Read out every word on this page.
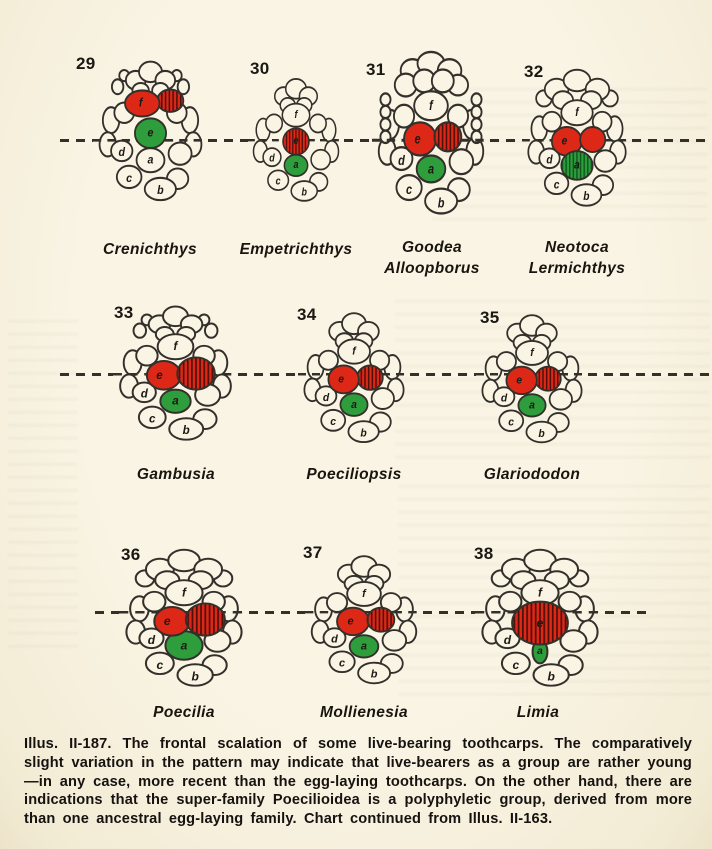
29	30	31	32
33	34	35
36	37	38
d
c
b
a
f
e
d
c
b
f
a
e
d
c
b
f
a
e
d
c
b
f
e
a
d
c
b
f
a
e
d
c
b
f
a
e
d
c
b
f
a
e
d
c
b
f
a
e
d
c
b
f
a
e
d
c
b
f
a
e
Crenichthys	Empetrichthys	Goodea
Alloopborus
Neotoca
Lermichthys
Gambusia	Poeciliopsis	Glariododon
Poecilia	Mollienesia	Limia

Illus. II-187. The frontal scalation of some live-bearing toothcarps. The comparatively slight variation in the pattern may indicate that live-bearers as a group are rather young—in any case, more recent than the egg-laying toothcarps. On the other hand, there are indications that the super-family Poecilioidea is a polyphyletic group, derived from more than one ancestral egg-laying family. Chart continued from Illus. II-163.
